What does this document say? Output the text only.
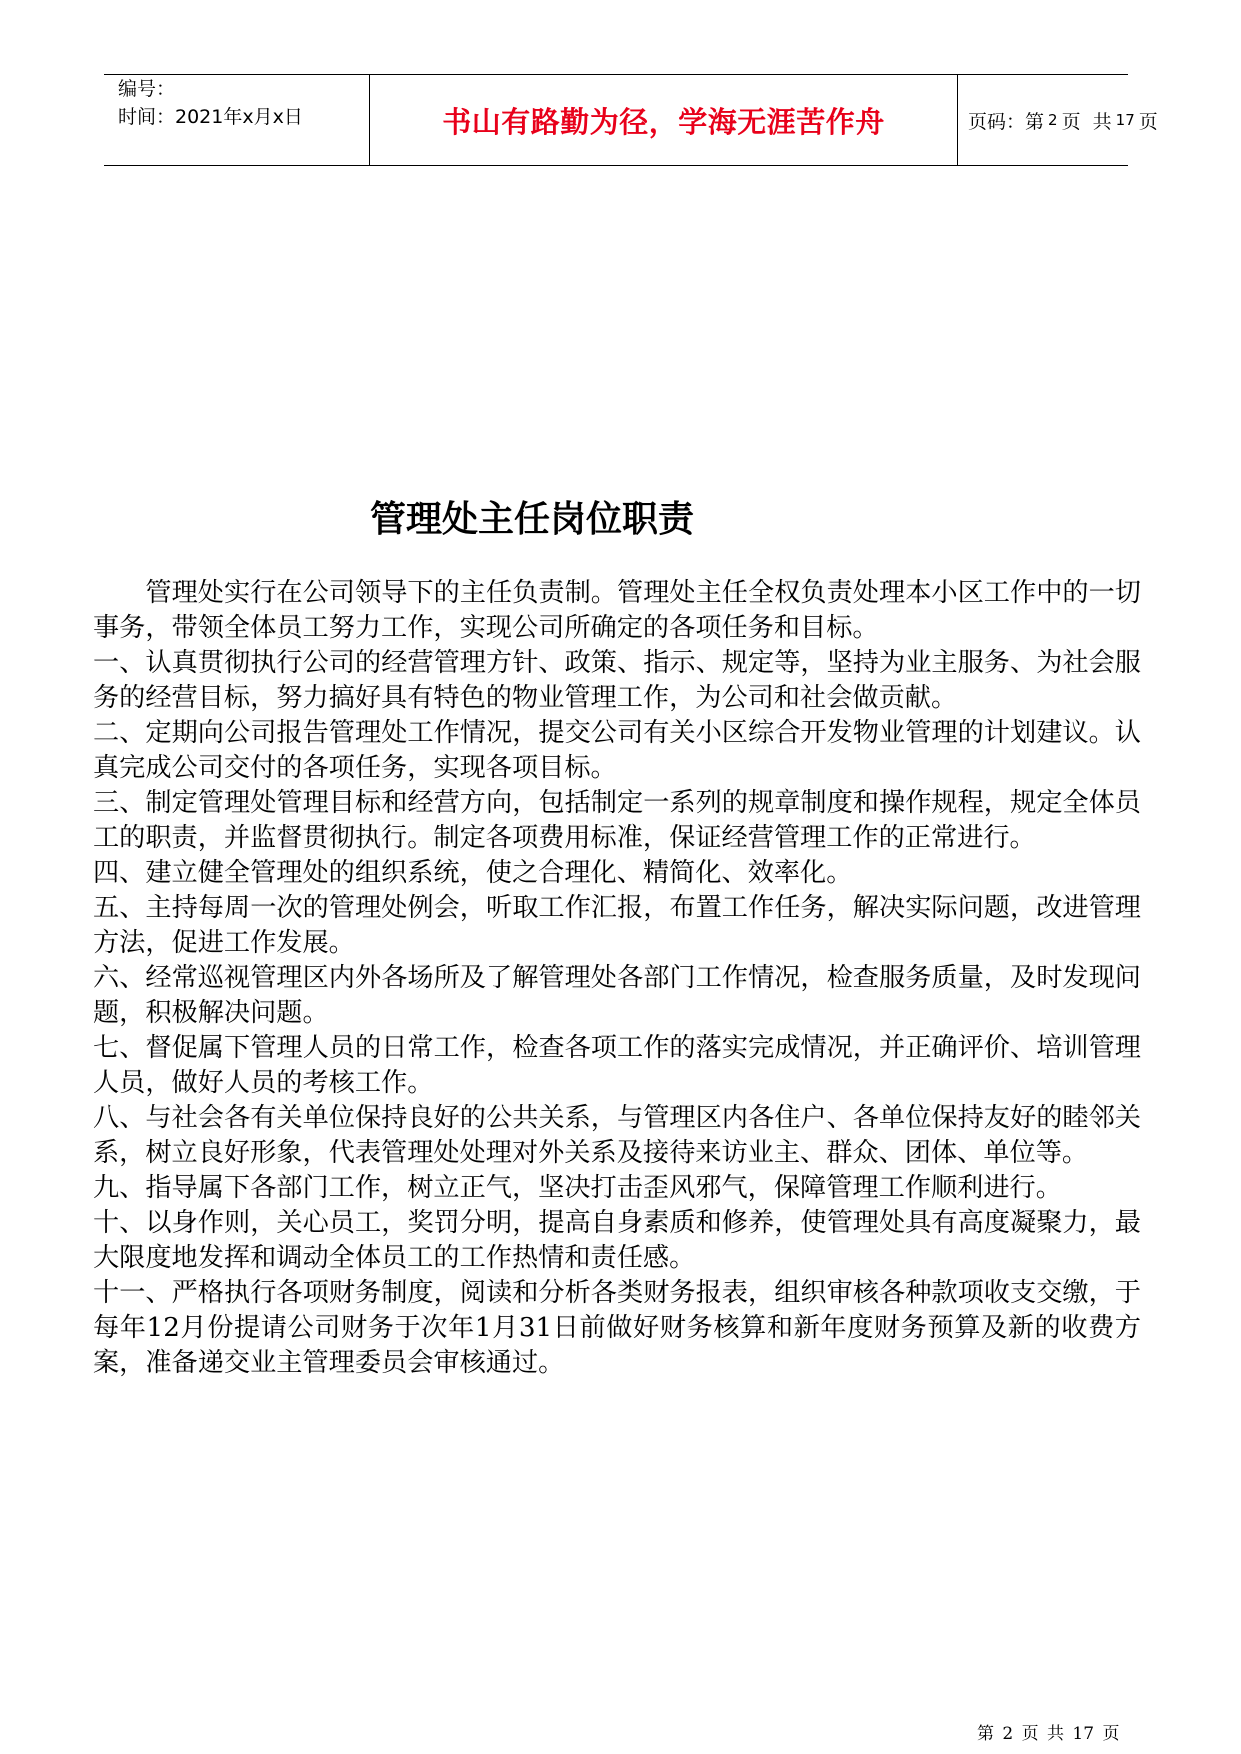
编号：
时间：2021年x月x日	书山有路勤为径，学海无涯苦作舟	页码：第 2 页  共 17 页
管理处主任岗位职责

管理处实行在公司领导下的主任负责制。管理处主任全权负责处理本小区工作中的一切事务，带领全体员工努力工作，实现公司所确定的各项任务和目标。

一、认真贯彻执行公司的经营管理方针、政策、指示、规定等，坚持为业主服务、为社会服务的经营目标，努力搞好具有特色的物业管理工作，为公司和社会做贡献。

二、定期向公司报告管理处工作情况，提交公司有关小区综合开发物业管理的计划建议。认真完成公司交付的各项任务，实现各项目标。

三、制定管理处管理目标和经营方向，包括制定一系列的规章制度和操作规程，规定全体员工的职责，并监督贯彻执行。制定各项费用标准，保证经营管理工作的正常进行。

四、建立健全管理处的组织系统，使之合理化、精简化、效率化。

五、主持每周一次的管理处例会，听取工作汇报，布置工作任务，解决实际问题，改进管理方法，促进工作发展。

六、经常巡视管理区内外各场所及了解管理处各部门工作情况，检查服务质量，及时发现问题，积极解决问题。

七、督促属下管理人员的日常工作，检查各项工作的落实完成情况，并正确评价、培训管理人员，做好人员的考核工作。

八、与社会各有关单位保持良好的公共关系，与管理区内各住户、各单位保持友好的睦邻关系，树立良好形象，代表管理处处理对外关系及接待来访业主、群众、团体、单位等。

九、指导属下各部门工作，树立正气，坚决打击歪风邪气，保障管理工作顺利进行。

十、以身作则，关心员工，奖罚分明，提高自身素质和修养，使管理处具有高度凝聚力，最大限度地发挥和调动全体员工的工作热情和责任感。

十一、严格执行各项财务制度，阅读和分析各类财务报表，组织审核各种款项收支交缴，于每年12月份提请公司财务于次年1月31日前做好财务核算和新年度财务预算及新的收费方案，准备递交业主管理委员会审核通过。

第 2 页 共 17 页
